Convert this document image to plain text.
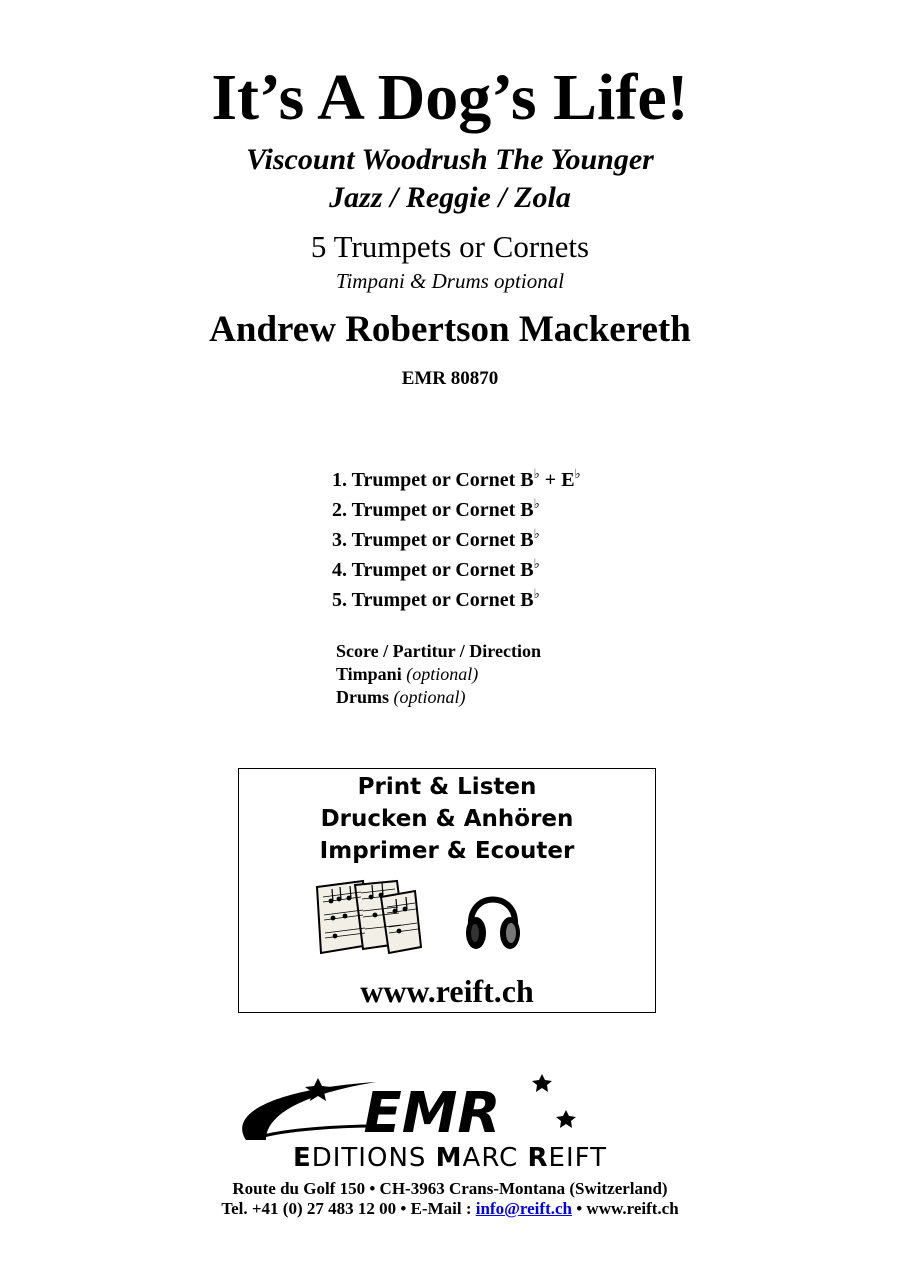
It’s A Dog’s Life!
Viscount Woodrush The Younger
Jazz / Reggie / Zola
5 Trumpets or Cornets
Timpani & Drums optional
Andrew Robertson Mackereth
EMR 80870
1. Trumpet or Cornet B♭ + E♭
2. Trumpet or Cornet B♭
3. Trumpet or Cornet B♭
4. Trumpet or Cornet B♭
5. Trumpet or Cornet B♭
Score / Partitur / Direction
Timpani (optional)
Drums (optional)
Print & Listen
Drucken & Anhören
Imprimer & Ecouter
www.reift.ch
EMR
EDITIONS MARC REIFT
Route du Golf 150 • CH-3963 Crans-Montana (Switzerland)
Tel. +41 (0) 27 483 12 00 • E-Mail : info@reift.ch • www.reift.ch
